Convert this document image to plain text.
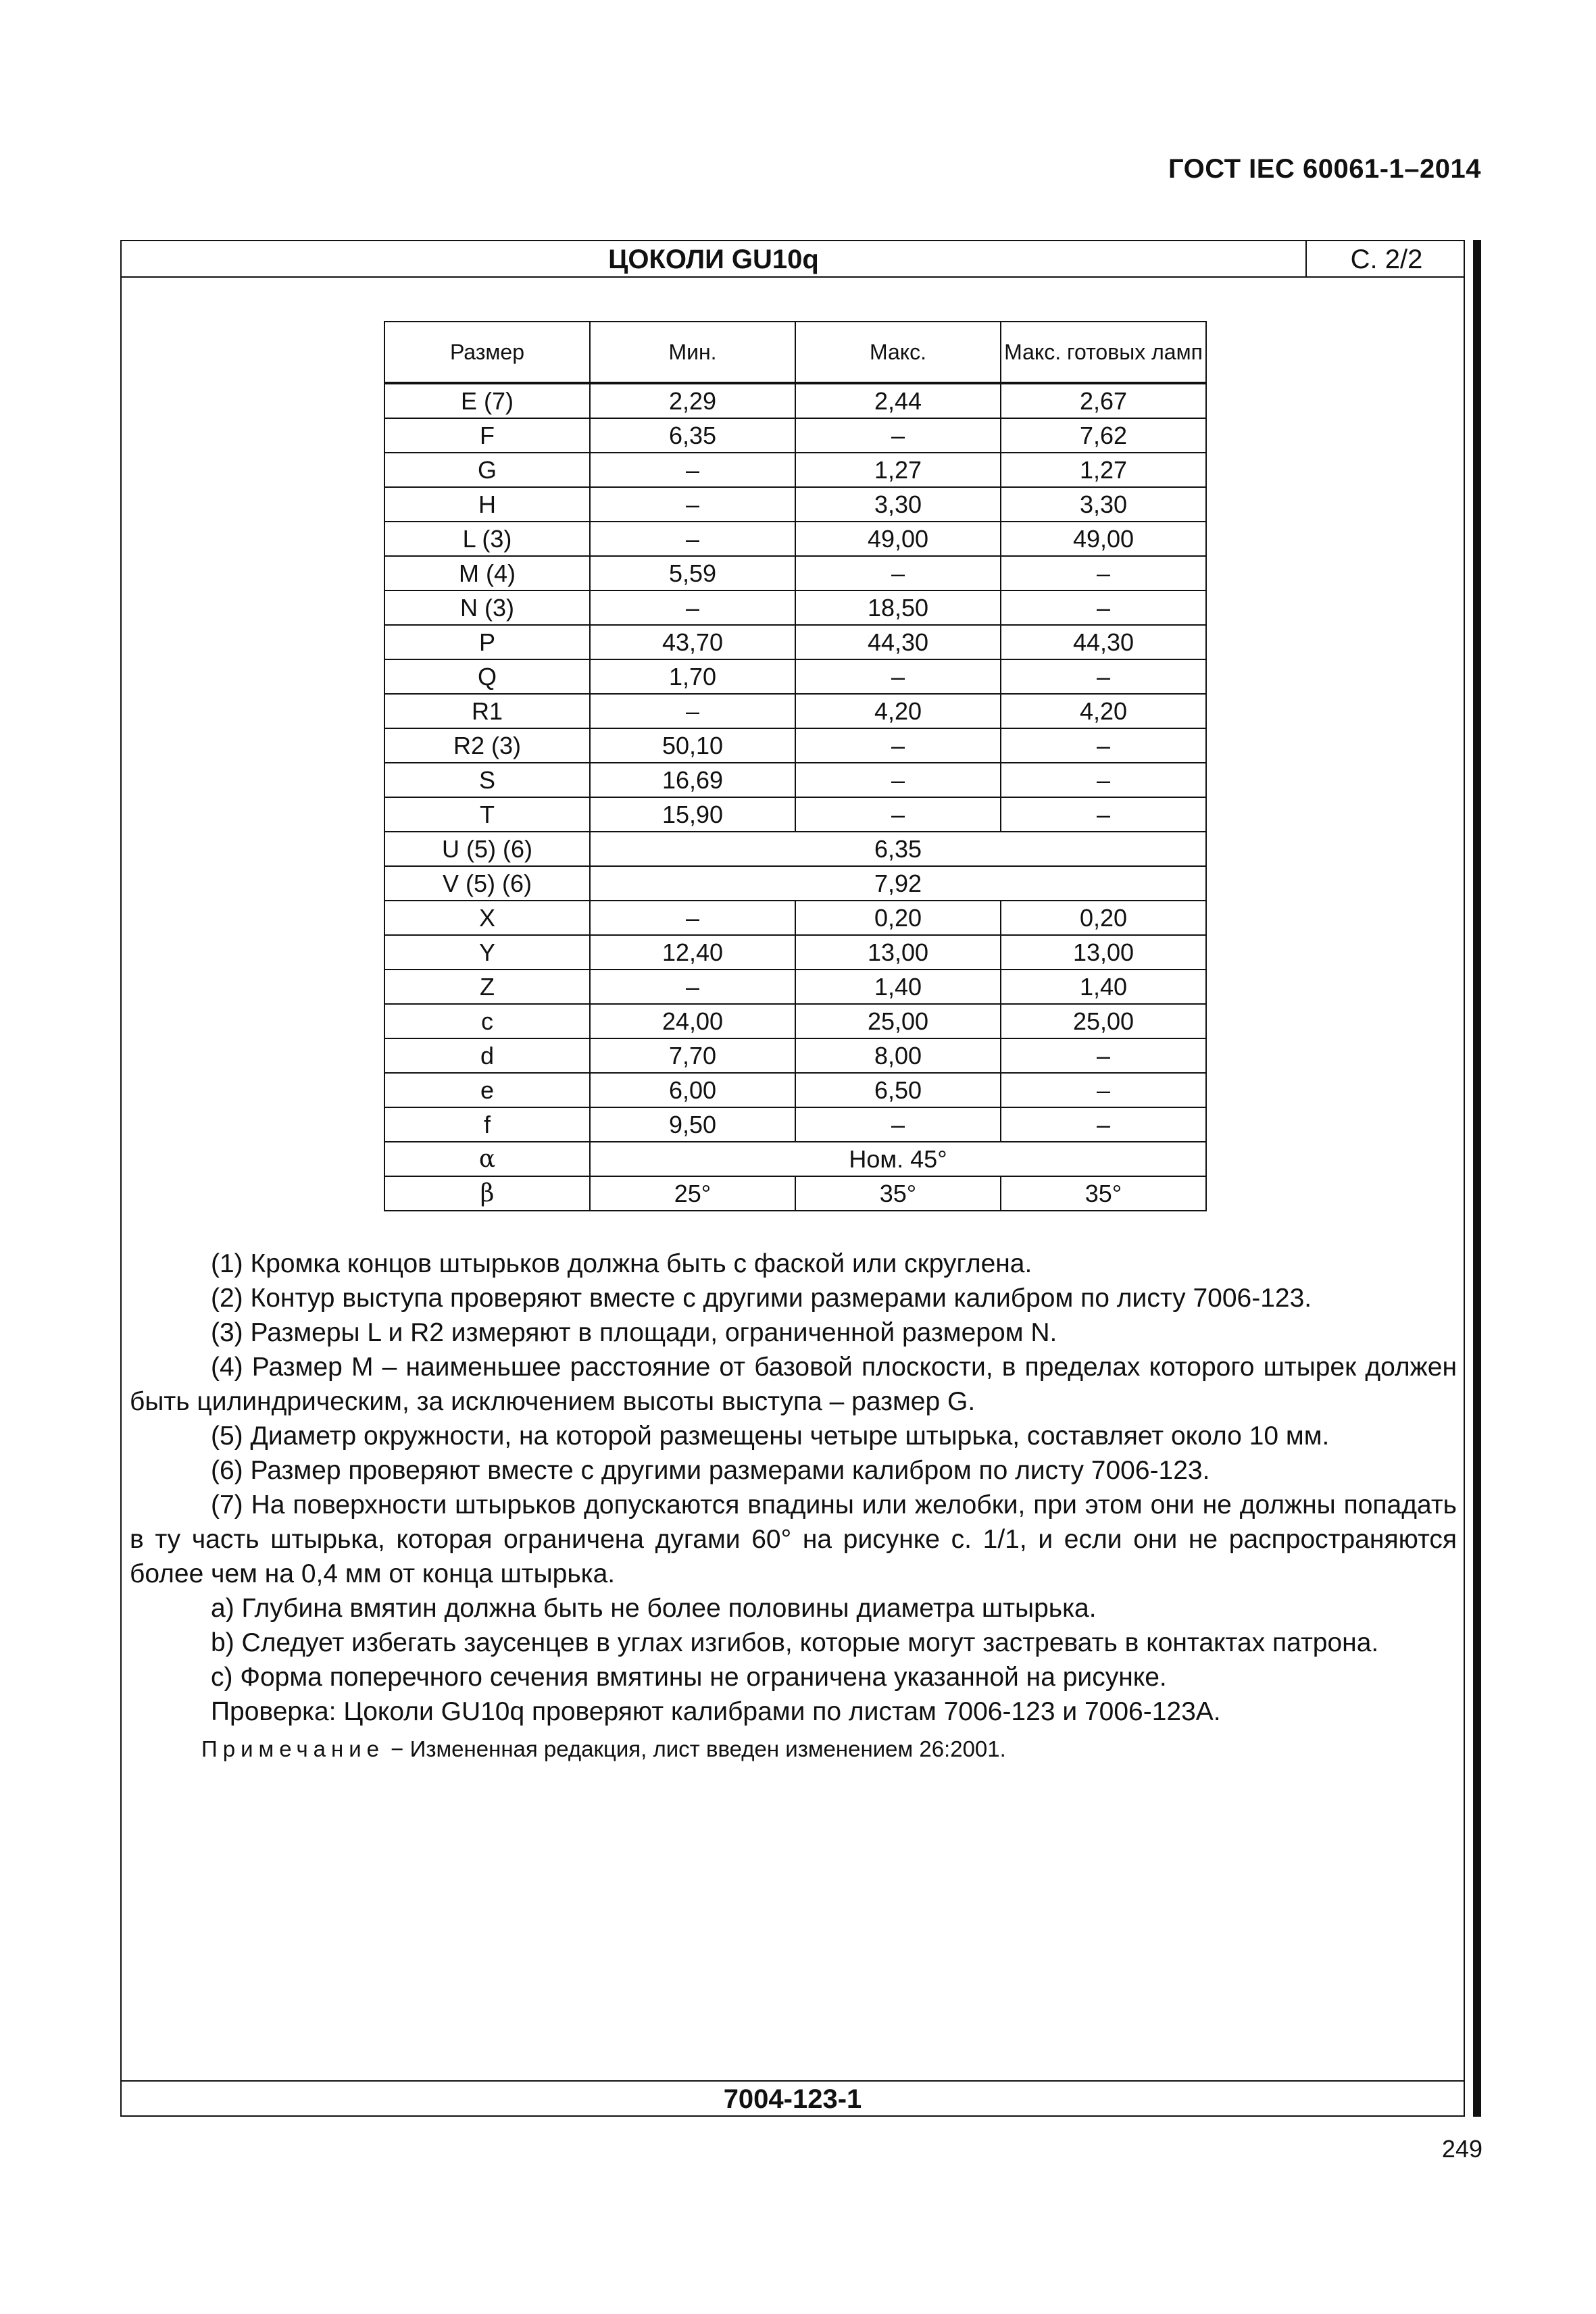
ГОСТ IEC 60061-1–2014
ЦОКОЛИ GU10q	С. 2/2
Размер	Мин.	Макс.	Макс. готовых ламп
E (7)	2,29	2,44	2,67
F	6,35	–	7,62
G	–	1,27	1,27
H	–	3,30	3,30
L (3)	–	49,00	49,00
M (4)	5,59	–	–
N (3)	–	18,50	–
P	43,70	44,30	44,30
Q	1,70	–	–
R1	–	4,20	4,20
R2 (3)	50,10	–	–
S	16,69	–	–
T	15,90	–	–
U (5) (6)	6,35		
V (5) (6)	7,92		
X	–	0,20	0,20
Y	12,40	13,00	13,00
Z	–	1,40	1,40
c	24,00	25,00	25,00
d	7,70	8,00	–
e	6,00	6,50	–
f	9,50	–	–
α	Ном. 45°		
β	25°	35°	35°

(1) Кромка концов штырьков должна быть с фаской или скруглена.

(2) Контур выступа проверяют вместе с другими размерами калибром по листу 7006-123.

(3) Размеры L и R2 измеряют в площади, ограниченной размером N.

(4) Размер M – наименьшее расстояние от базовой плоскости, в пределах которого штырек должен быть цилиндрическим, за исключением высоты выступа – размер G.

(5) Диаметр окружности, на которой размещены четыре штырька, составляет около 10 мм.

(6) Размер проверяют вместе с другими размерами калибром по листу 7006-123.

(7) На поверхности штырьков допускаются впадины или желобки, при этом они не должны попадать в ту часть штырька, которая ограничена дугами 60° на рисунке с. 1/1, и если они не распространяются более чем на 0,4 мм от конца штырька.

a) Глубина вмятин должна быть не более половины диаметра штырька.

b) Следует избегать заусенцев в углах изгибов, которые могут застревать в контактах патрона.

c) Форма поперечного сечения вмятины не ограничена указанной на рисунке.

Проверка: Цоколи GU10q проверяют калибрами по листам 7006-123 и 7006-123A.

Примечание − Измененная редакция, лист введен изменением 26:2001.
7004-123-1
249
